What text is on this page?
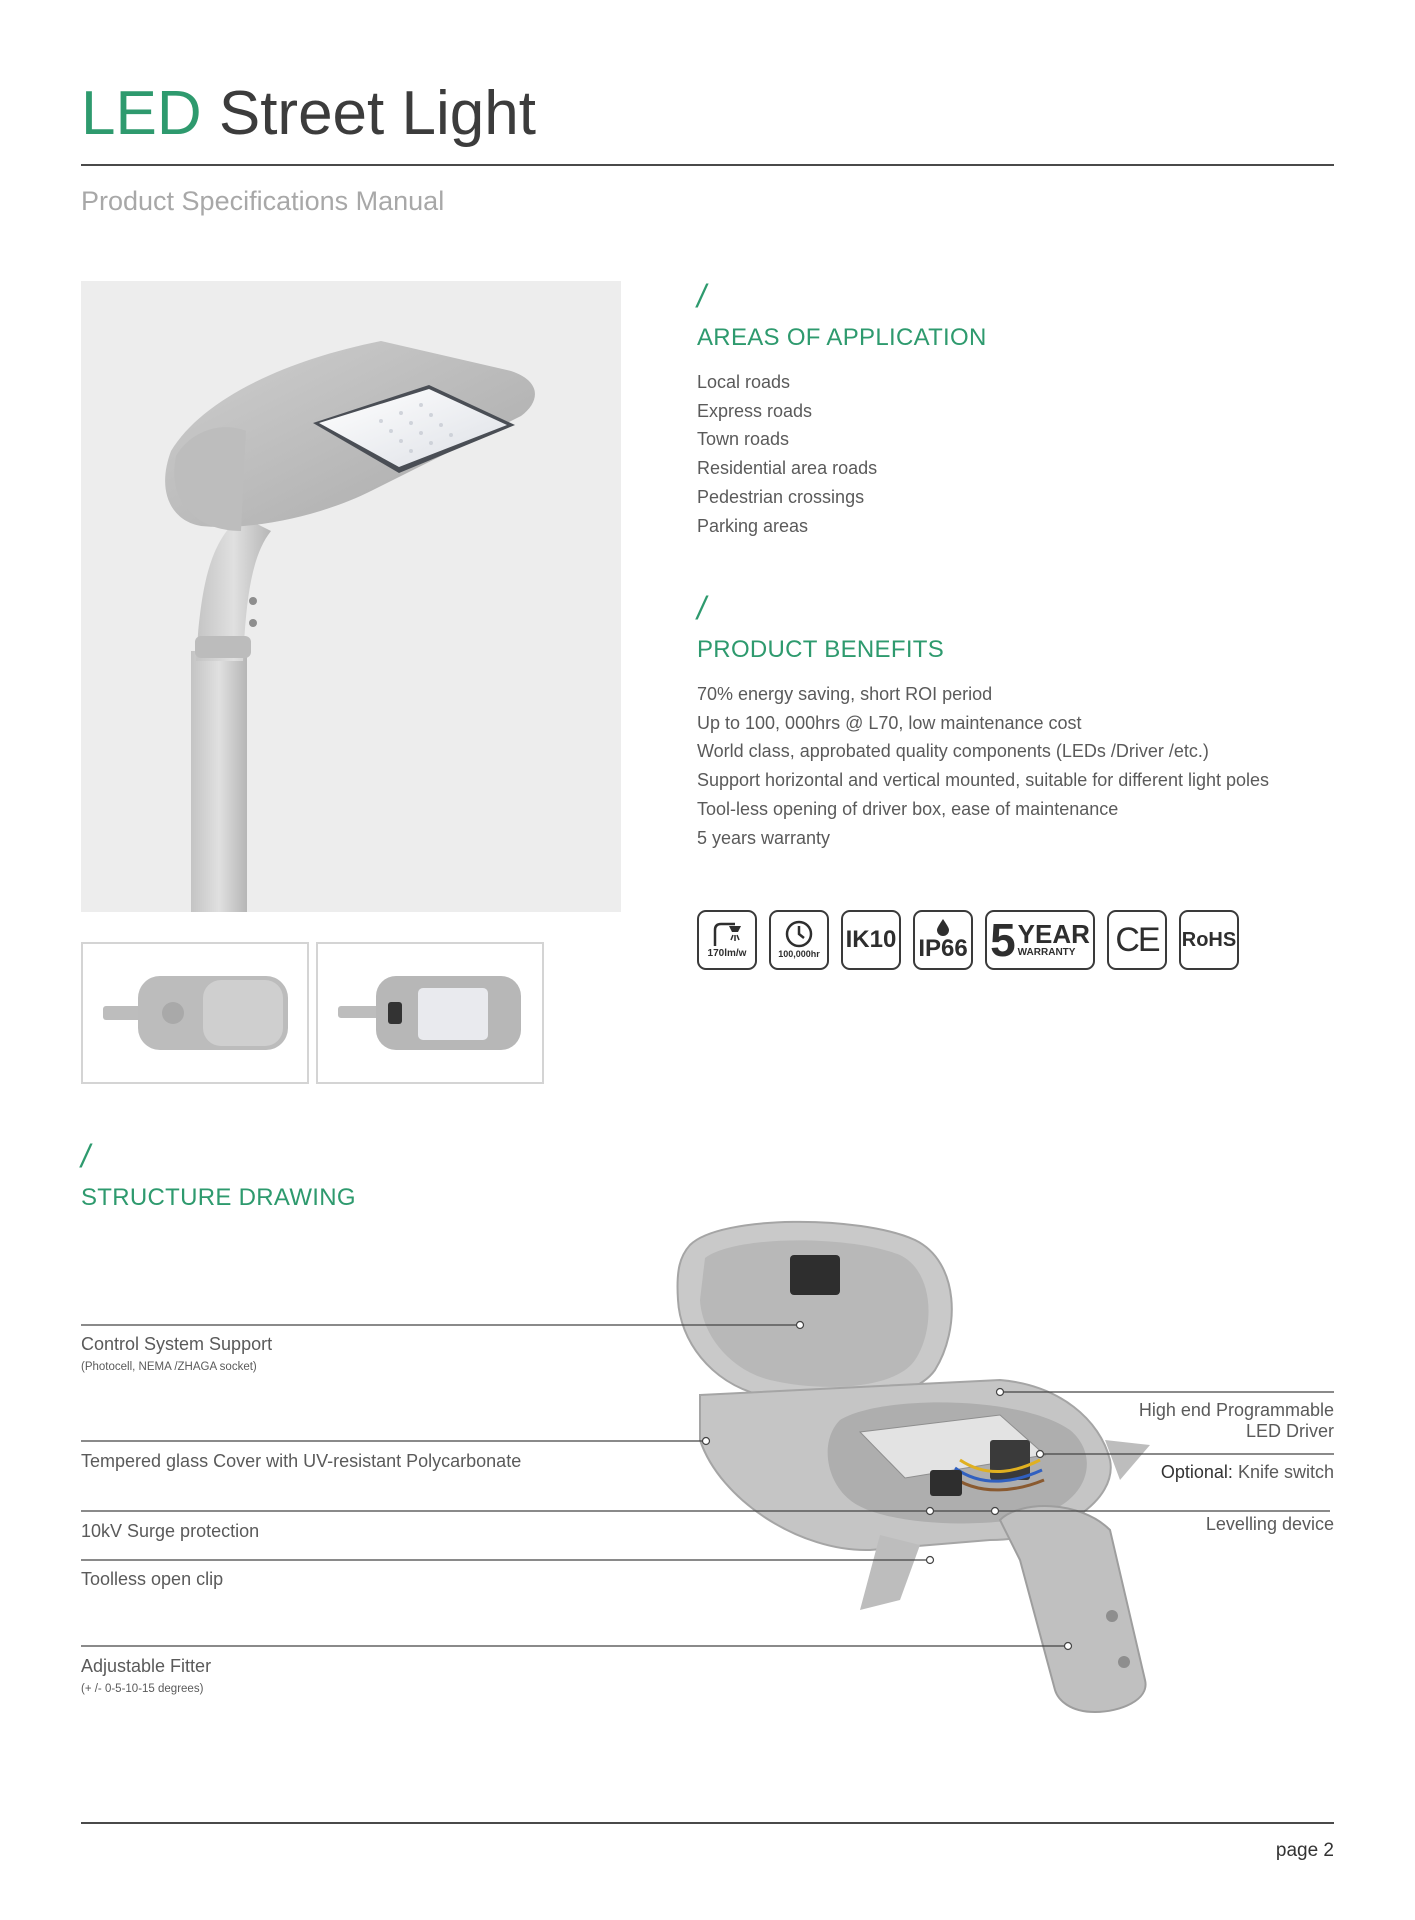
LED Street Light
Product Specifications Manual
/
AREAS OF APPLICATION
Local roads
Express roads
Town roads
Residential area roads
Pedestrian crossings
Parking areas
/
PRODUCT BENEFITS
70% energy saving, short ROI period
Up to 100, 000hrs @ L70, low maintenance cost
World class, approbated quality components (LEDs /Driver /etc.)
Support horizontal and vertical mounted, suitable for different light poles
Tool-less opening of driver box, ease of maintenance
5 years warranty
170lm/w	100,000hr
IK10 IP66 5 YEAR
WARRANTY CE RoHS
/
STRUCTURE DRAWING
Control System Support
(Photocell, NEMA /ZHAGA socket)
Tempered glass Cover with UV-resistant Polycarbonate
10kV Surge protection
Toolless open clip
Adjustable Fitter
(+ /- 0-5-10-15 degrees)
High end Programmable
LED Driver
Optional: Knife switch
Levelling device
page 2
